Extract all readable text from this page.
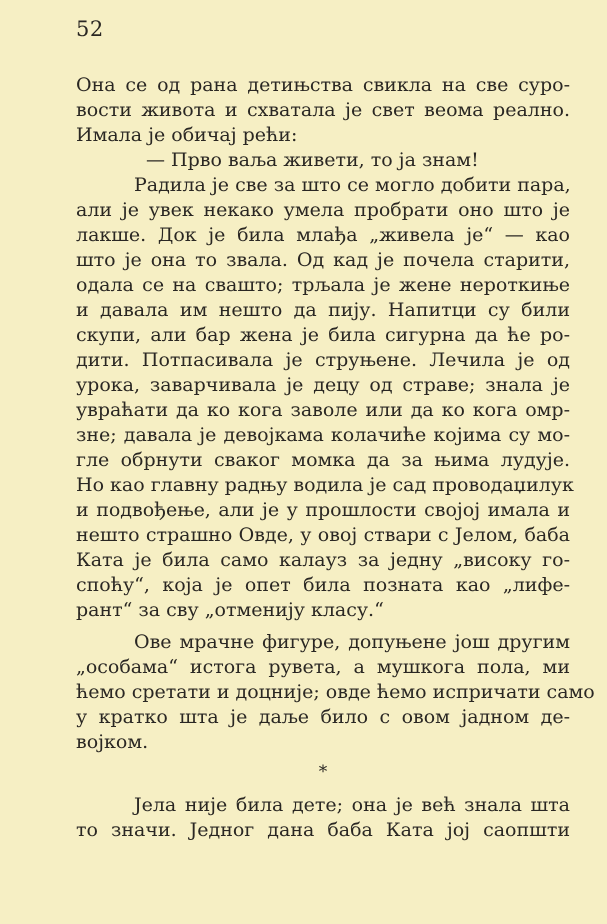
52
Она се од рана детињства свикла на све суро-
вости живота и схватала је свет веома реално.
Имала је обичај рећи:
— Прво ваља живети, то ја знам!
Радила је све за што се могло добити пара,
али је увек некако умела пробрати оно што је
лакше. Док је била млађа „живела је“ — као
што је она то звала. Од кад је почела старити,
одала се на свашто; трљала је жене нероткиње
и давала им нешто да пију. Напитци су били
скупи, али бар жена је била сигурна да ће ро-
дити. Потпасивала је струњене. Лечила је од
урока, заварчивала је децу од страве; знала је
увраћати да ко кога заволе или да ко кога омр-
зне; давала је девојкама колачиће којима су мо-
гле обрнути сваког момка да за њима лудује.
Но као главну радњу водила је сад проводаџилук
и подвођење, али је у прошлости својој имала и
нешто страшно Овде, у овој ствари с Јелом, баба
Ката је била само калауз за једну „високу го-
споћу“, која је опет била позната као „лифе-
рант“ за сву „отменију класу.“
Ове мрачне фигуре, допуњене још другим
„особама“ истога рувета, а мушкога пола, ми
ћемо сретати и доцније; овде ћемо испричати само
у кратко шта је даље било с овом јадном де-
војком.
*
Јела није била дете; она је већ знала шта
то значи. Једног дана баба Ката јој саопшти
